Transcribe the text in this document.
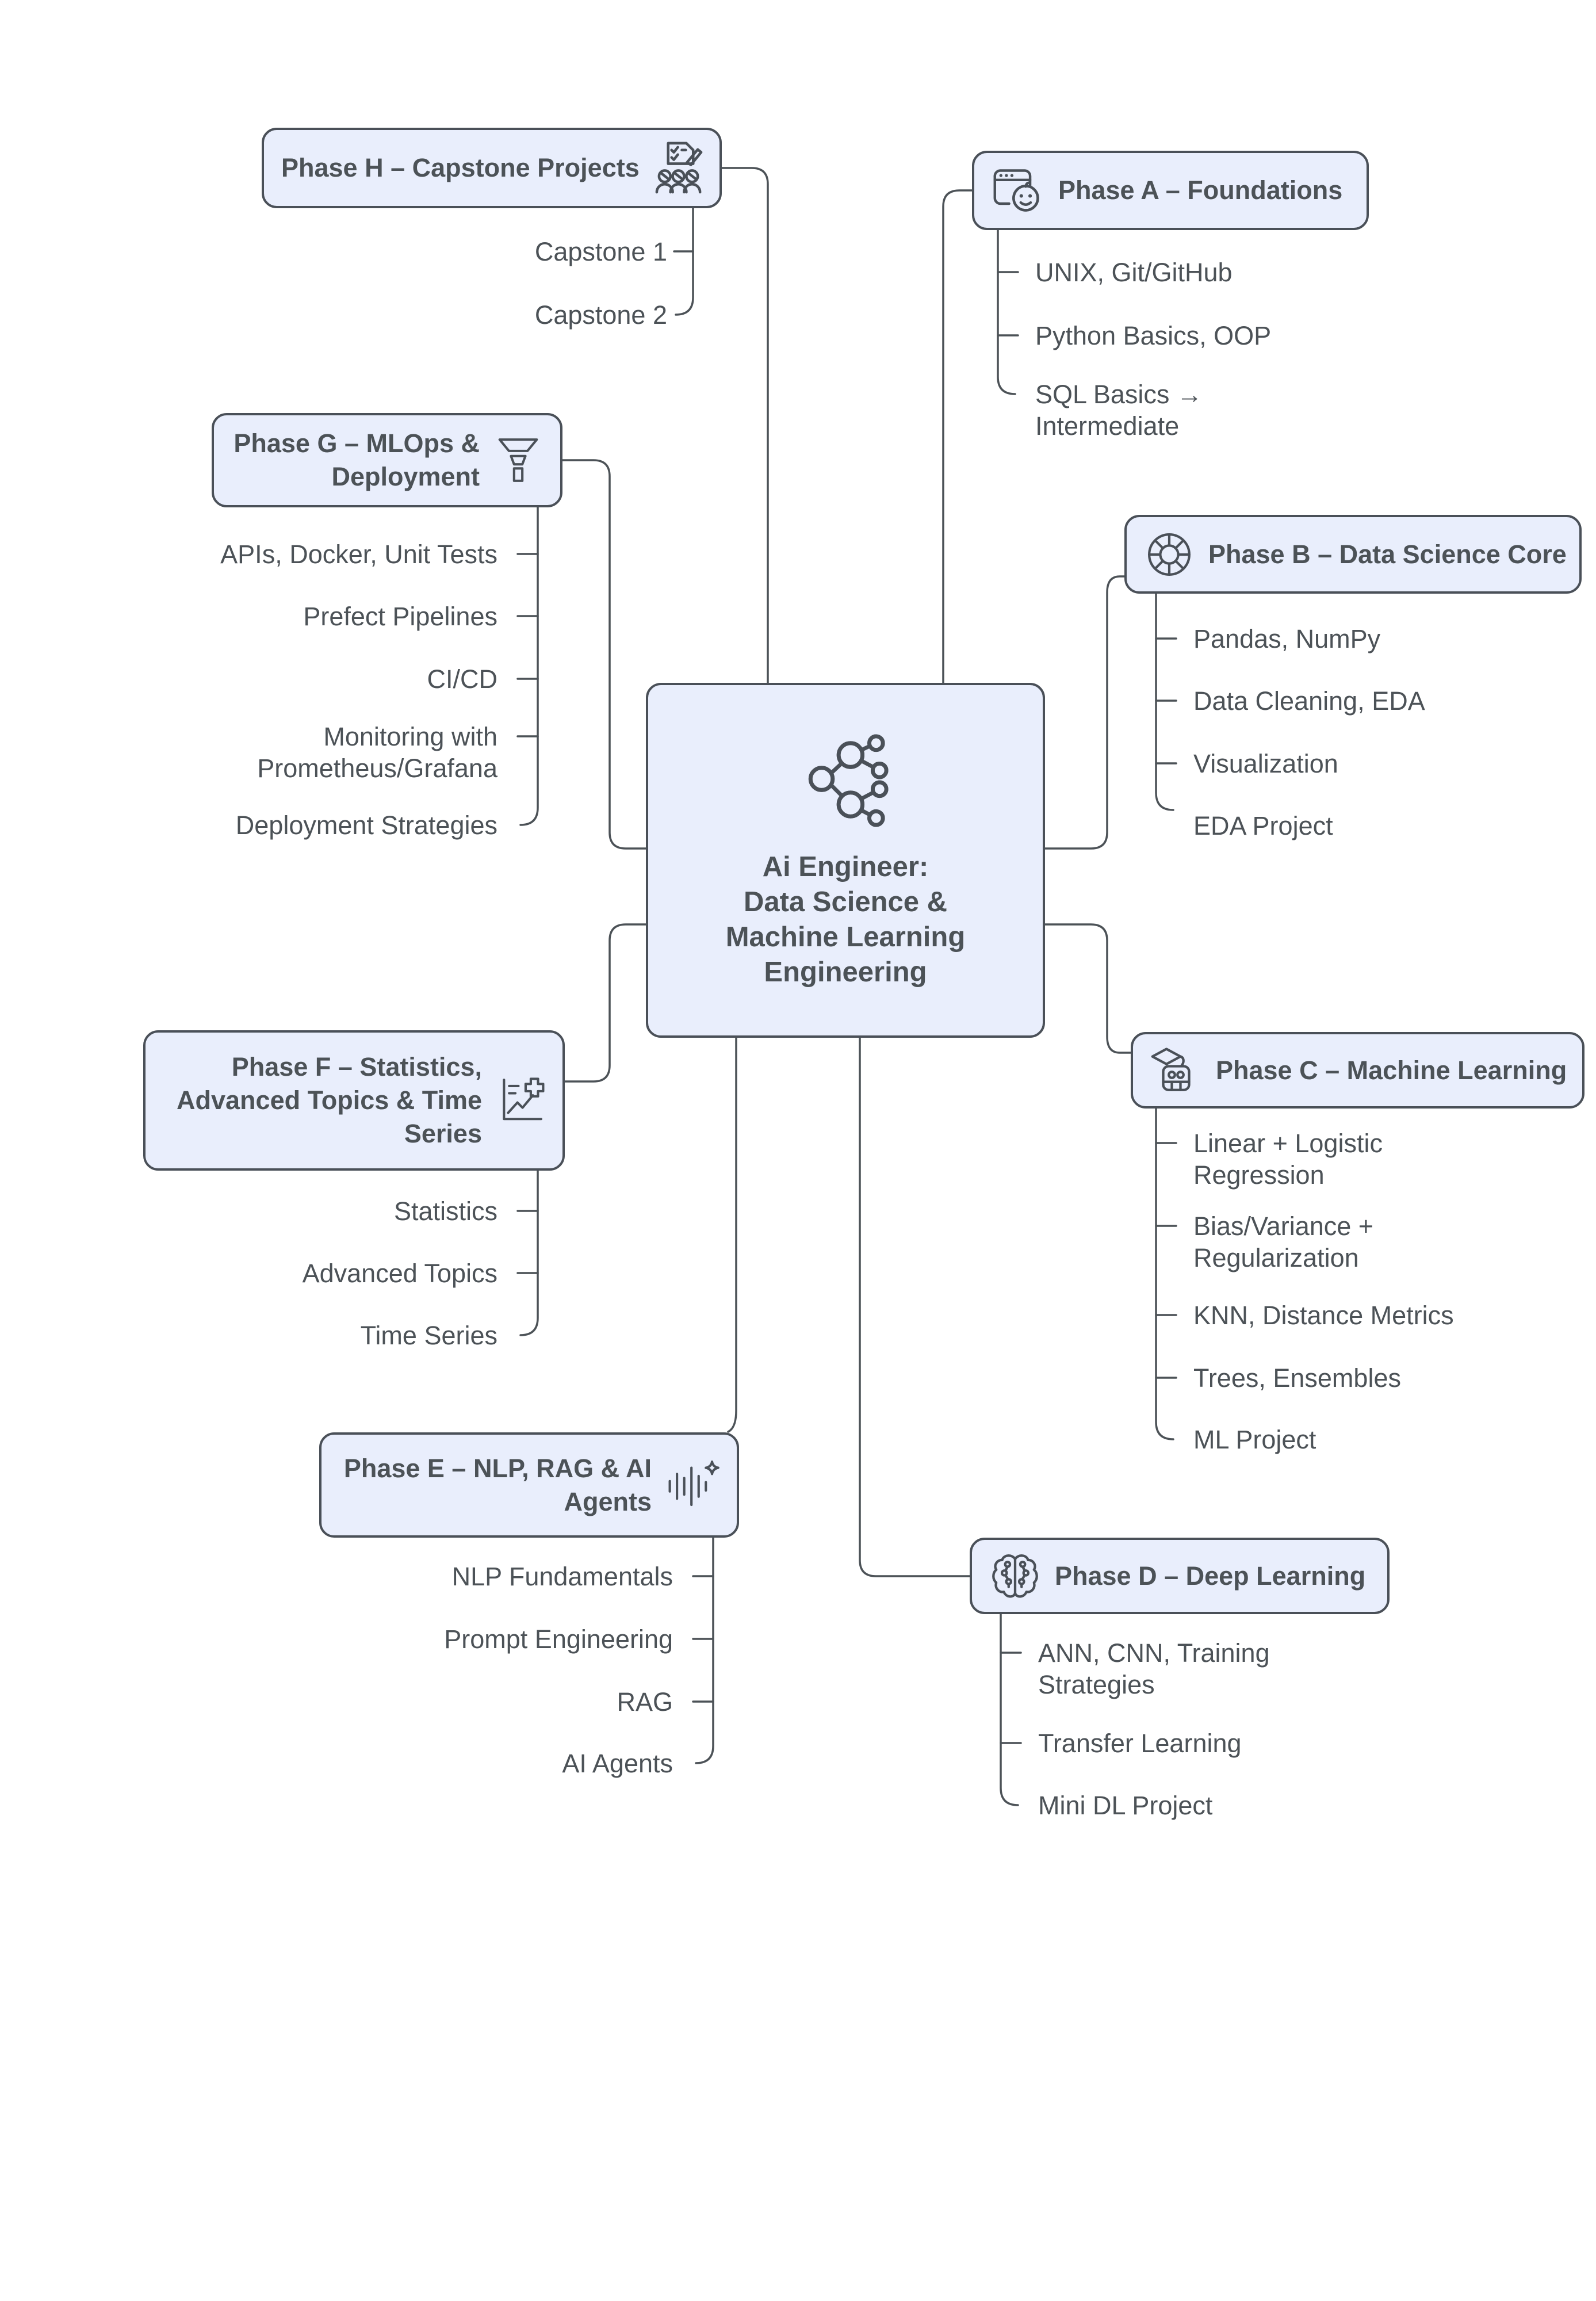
Ai Engineer:
Data Science &
Machine Learning
Engineering
Phase H – Capstone Projects
Capstone 1
Capstone 2
Phase A – Foundations
UNIX, Git/GitHub
Python Basics, OOP
SQL Basics →
Intermediate
Phase G – MLOps &
Deployment
APIs, Docker, Unit Tests
Prefect Pipelines
CI/CD
Monitoring with
Prometheus/Grafana
Deployment Strategies
Phase B – Data Science Core
Pandas, NumPy
Data Cleaning, EDA
Visualization
EDA Project
Phase F – Statistics,
Advanced Topics & Time
Series
Statistics
Advanced Topics
Time Series
Phase C – Machine Learning
Linear + Logistic
Regression
Bias/Variance +
Regularization
KNN, Distance Metrics
Trees, Ensembles
ML Project
Phase E – NLP, RAG & AI
Agents
NLP Fundamentals
Prompt Engineering
RAG
AI Agents
Phase D – Deep Learning
ANN, CNN, Training
Strategies
Transfer Learning
Mini DL Project
